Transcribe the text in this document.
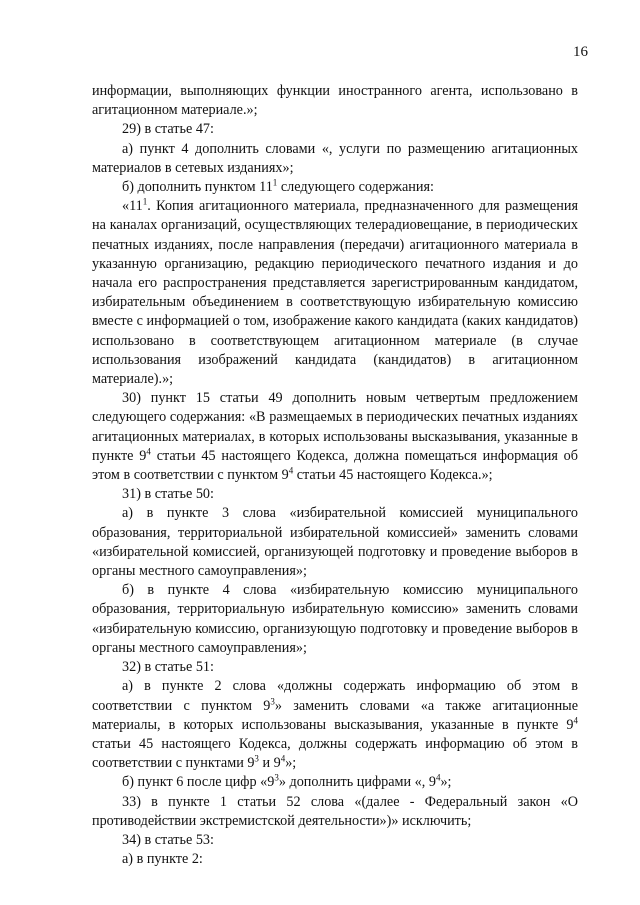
16

информации, выполняющих функции иностранного агента, использовано в агитационном материале.»;

29) в статье 47:

а) пункт 4 дополнить словами «, услуги по размещению агитационных материалов в сетевых изданиях»;

б) дополнить пунктом $11^1$ следующего содержания:

«$11^1$. Копия агитационного материала, предназначенного для размещения на каналах организаций, осуществляющих телерадиовещание, в периодических печатных изданиях, после направления (передачи) агитационного материала в указанную организацию, редакцию периодического печатного издания и до начала его распространения представляется зарегистрированным кандидатом, избирательным объединением в соответствующую избирательную комиссию вместе с информацией о том, изображение какого кандидата (каких кандидатов) использовано в соответствующем агитационном материале (в случае использования изображений кандидата (кандидатов) в агитационном материале).»;

30) пункт 15 статьи 49 дополнить новым четвертым предложением следующего содержания: «В размещаемых в периодических печатных изданиях агитационных материалах, в которых использованы высказывания, указанные в пункте $9^4$ статьи 45 настоящего Кодекса, должна помещаться информация об этом в соответствии с пунктом $9^4$ статьи 45 настоящего Кодекса.»;

31) в статье 50:

а) в пункте 3 слова «избирательной комиссией муниципального образования, территориальной избирательной комиссией» заменить словами «избирательной комиссией, организующей подготовку и проведение выборов в органы местного самоуправления»;

б) в пункте 4 слова «избирательную комиссию муниципального образования, территориальную избирательную комиссию» заменить словами «избирательную комиссию, организующую подготовку и проведение выборов в органы местного самоуправления»;

32) в статье 51:

а) в пункте 2 слова «должны содержать информацию об этом в соответствии с пунктом $9^3$» заменить словами «а также агитационные материалы, в которых использованы высказывания, указанные в пункте $9^4$ статьи 45 настоящего Кодекса, должны содержать информацию об этом в соответствии с пунктами $9^3$ и $9^4$»;

б) пункт 6 после цифр «$9^3$» дополнить цифрами «, $9^4$»;

33) в пункте 1 статьи 52 слова «(далее - Федеральный закон «О противодействии экстремистской деятельности»)» исключить;

34) в статье 53:

а) в пункте 2:
